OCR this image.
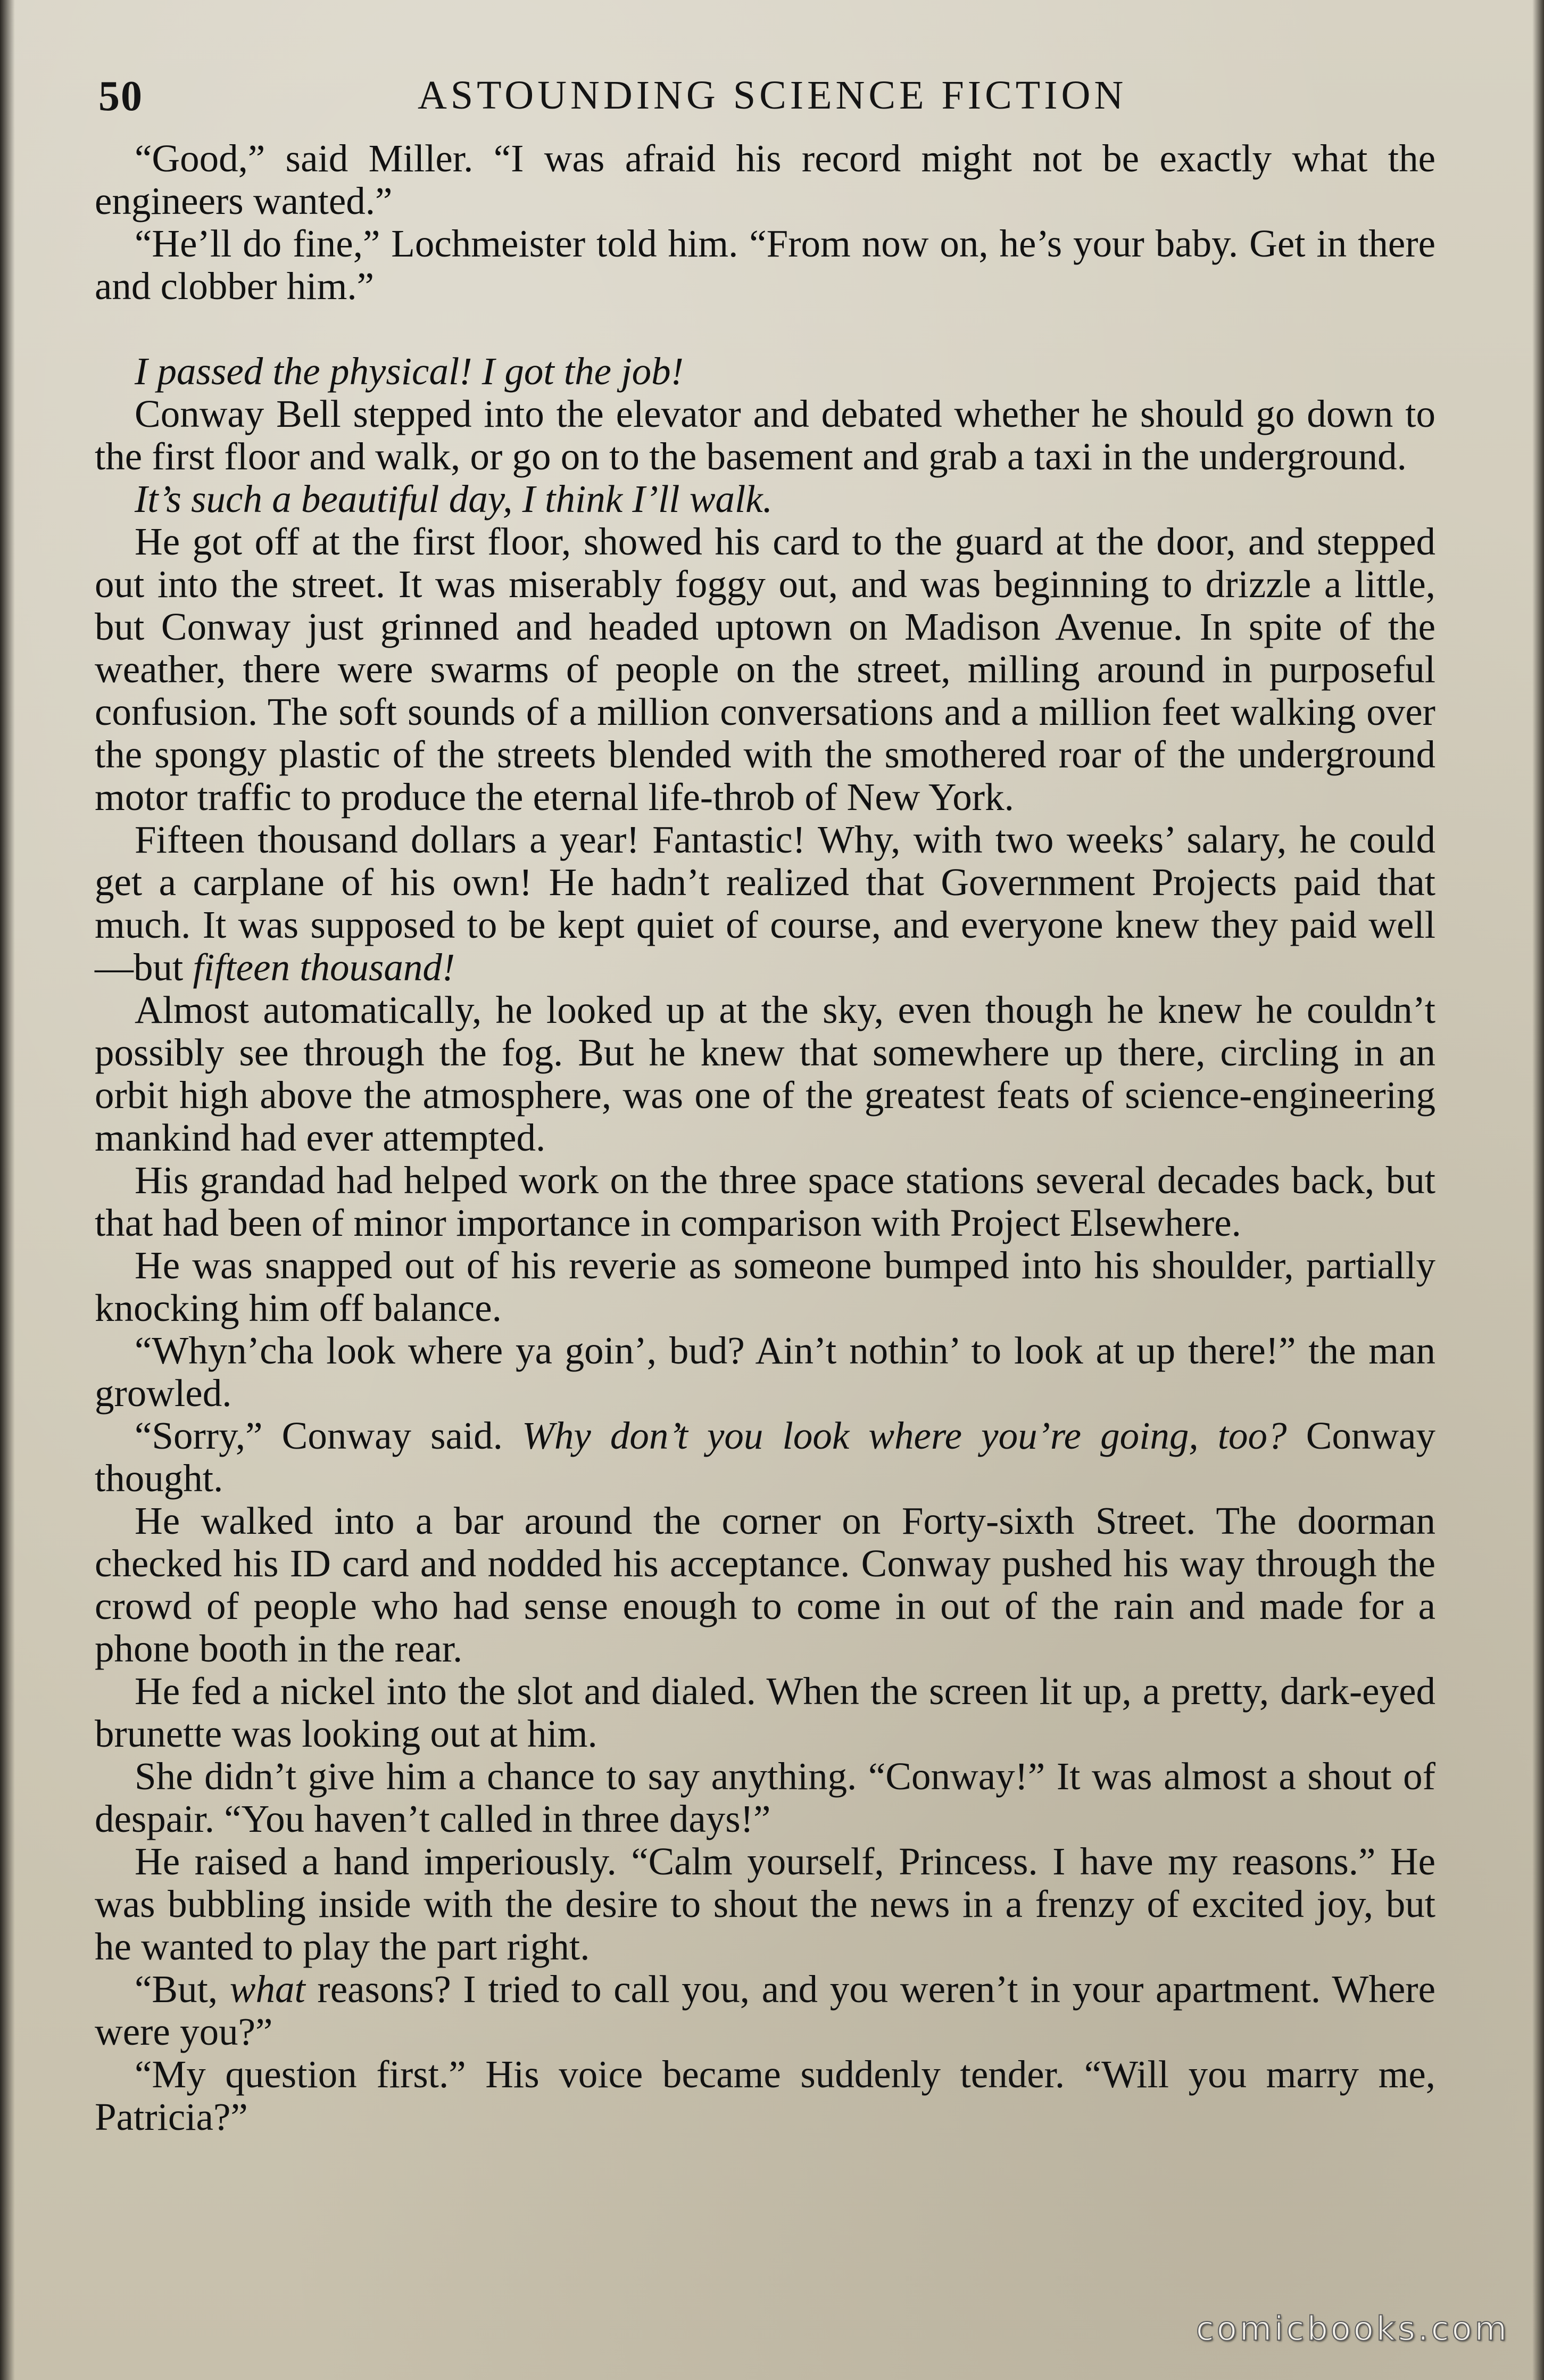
50	ASTOUNDING SCIENCE FICTION

“Good,” said Miller. “I was afraid his record might not be exactly what the engineers wanted.”

“He’ll do fine,” Lochmeister told him. “From now on, he’s your baby. Get in there and clobber him.”

I passed the physical! I got the job!

Conway Bell stepped into the elevator and debated whether he should go down to the first floor and walk, or go on to the basement and grab a taxi in the underground.

It’s such a beautiful day, I think I’ll walk.

He got off at the first floor, showed his card to the guard at the door, and stepped out into the street. It was miserably foggy out, and was beginning to drizzle a little, but Conway just grinned and headed uptown on Madison Avenue. In spite of the weather, there were swarms of people on the street, milling around in purposeful confusion. The soft sounds of a million conversations and a million feet walking over the spongy plastic of the streets blended with the smothered roar of the underground motor traffic to produce the eternal life-throb of New York.

Fifteen thousand dollars a year! Fantastic! Why, with two weeks’ salary, he could get a carplane of his own! He hadn’t realized that Government Projects paid that much. It was supposed to be kept quiet of course, and everyone knew they paid well—but fifteen thousand!

Almost automatically, he looked up at the sky, even though he knew he couldn’t possibly see through the fog. But he knew that somewhere up there, circling in an orbit high above the atmosphere, was one of the greatest feats of science-engineering mankind had ever attempted.

His grandad had helped work on the three space stations several decades back, but that had been of minor importance in comparison with Project Elsewhere.

He was snapped out of his reverie as someone bumped into his shoulder, partially knocking him off balance.

“Whyn’cha look where ya goin’, bud? Ain’t nothin’ to look at up there!” the man growled.

“Sorry,” Conway said. Why don’t you look where you’re going, too? Conway thought.

He walked into a bar around the corner on Forty-sixth Street. The doorman checked his ID card and nodded his acceptance. Conway pushed his way through the crowd of people who had sense enough to come in out of the rain and made for a phone booth in the rear.

He fed a nickel into the slot and dialed. When the screen lit up, a pretty, dark-eyed brunette was looking out at him.

She didn’t give him a chance to say anything. “Conway!” It was almost a shout of despair. “You haven’t called in three days!”

He raised a hand imperiously. “Calm yourself, Princess. I have my reasons.” He was bubbling inside with the desire to shout the news in a frenzy of excited joy, but he wanted to play the part right.

“But, what reasons? I tried to call you, and you weren’t in your apartment. Where were you?”

“My question first.” His voice became suddenly tender. “Will you marry me, Patricia?”

comicbooks.com
